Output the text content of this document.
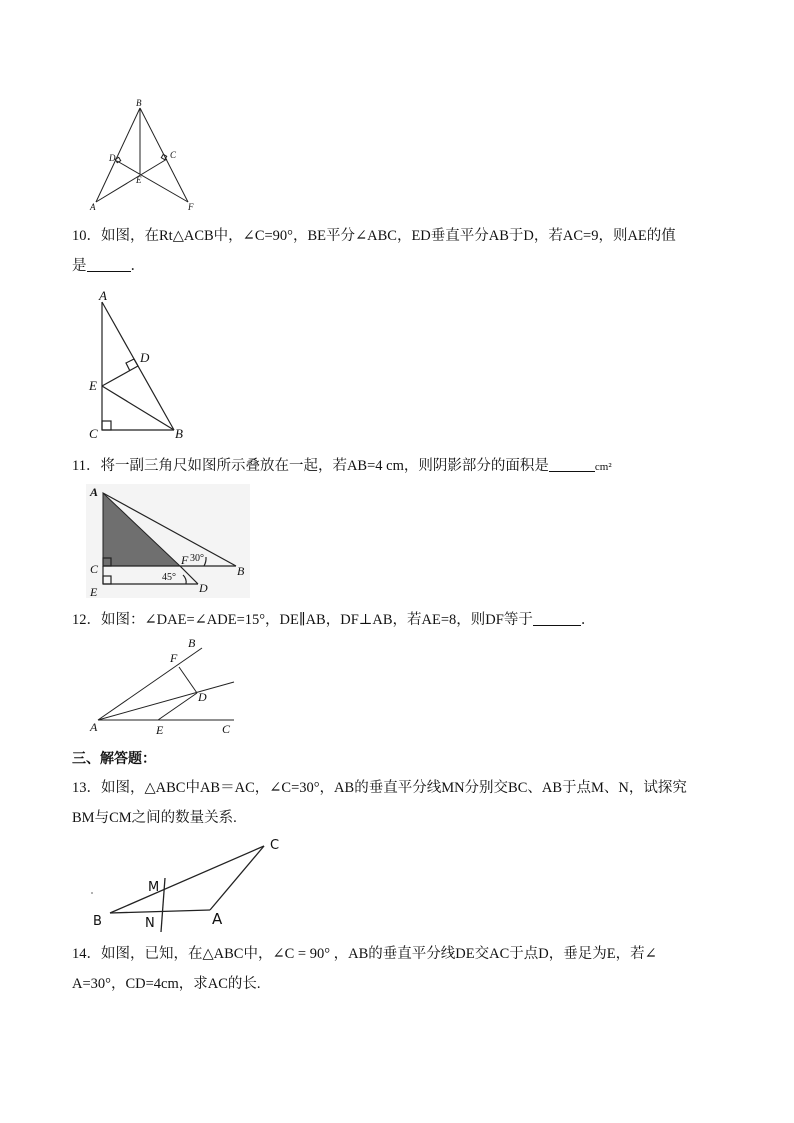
B
D	C
E
A	F
10．如图，在Rt△ACB中，∠C=90°，BE平分∠ABC，ED垂直平分AB于D，若AC=9，则AE的值
是	．
A
D
E
C	B
11．将一副三角尺如图所示叠放在一起，若AB=4 cm，则阴影部分的面积是	cm²
A
F 30°
B
C
45°
E	D
12．如图：∠DAE=∠ADE=15°，DE∥AB，DF⊥AB，若AE=8，则DF等于	．
B
F
D
A	E	C
三、解答题：
13．如图，△ABC中AB＝AC，∠C=30°，AB的垂直平分线MN分别交BC、AB于点M、N，试探究
BM与CM之间的数量关系.
C
M
B	N	A
14．如图，已知，在△ABC中，∠C = 90° ，AB的垂直平分线DE交AC于点D，垂足为E，若∠
A=30°，CD=4cm，求AC的长.
